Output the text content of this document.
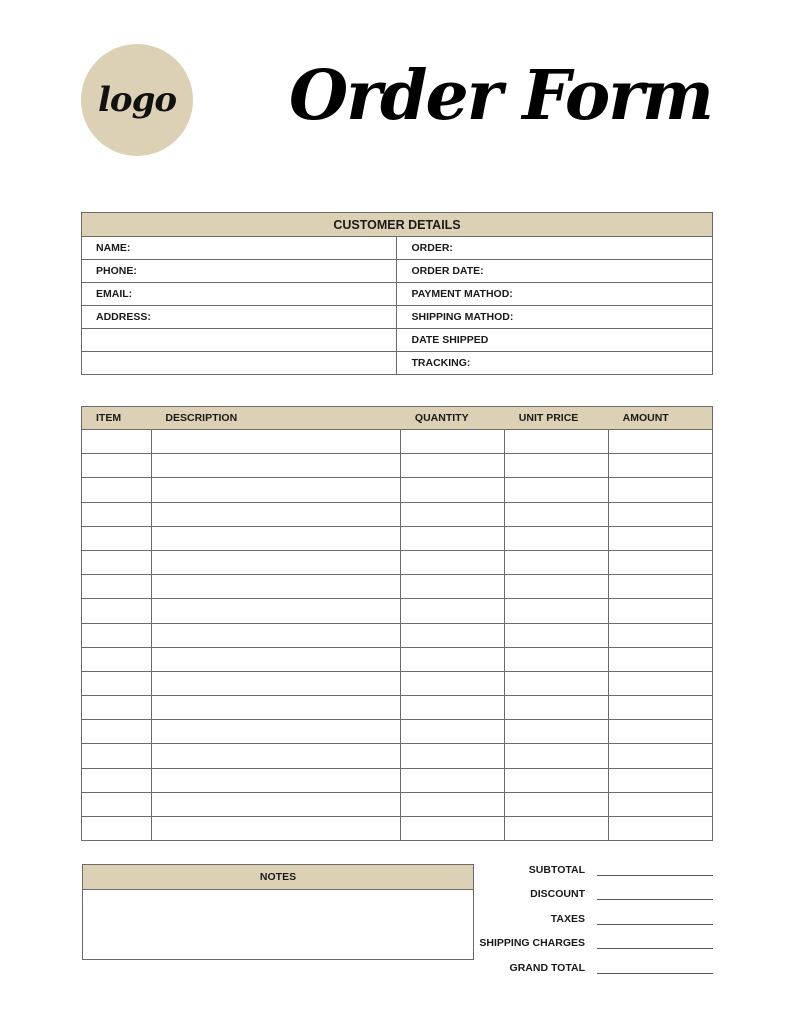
logo Order Form
CUSTOMER DETAILS	
NAME:	ORDER:
PHONE:	ORDER DATE:
EMAIL:	PAYMENT MATHOD:
ADDRESS:	SHIPPING MATHOD:
	DATE SHIPPED
	TRACKING:
ITEM	DESCRIPTION	QUANTITY	UNIT PRICE	AMOUNT

NOTES
SUBTOTAL
DISCOUNT
TAXES
SHIPPING CHARGES
GRAND TOTAL
